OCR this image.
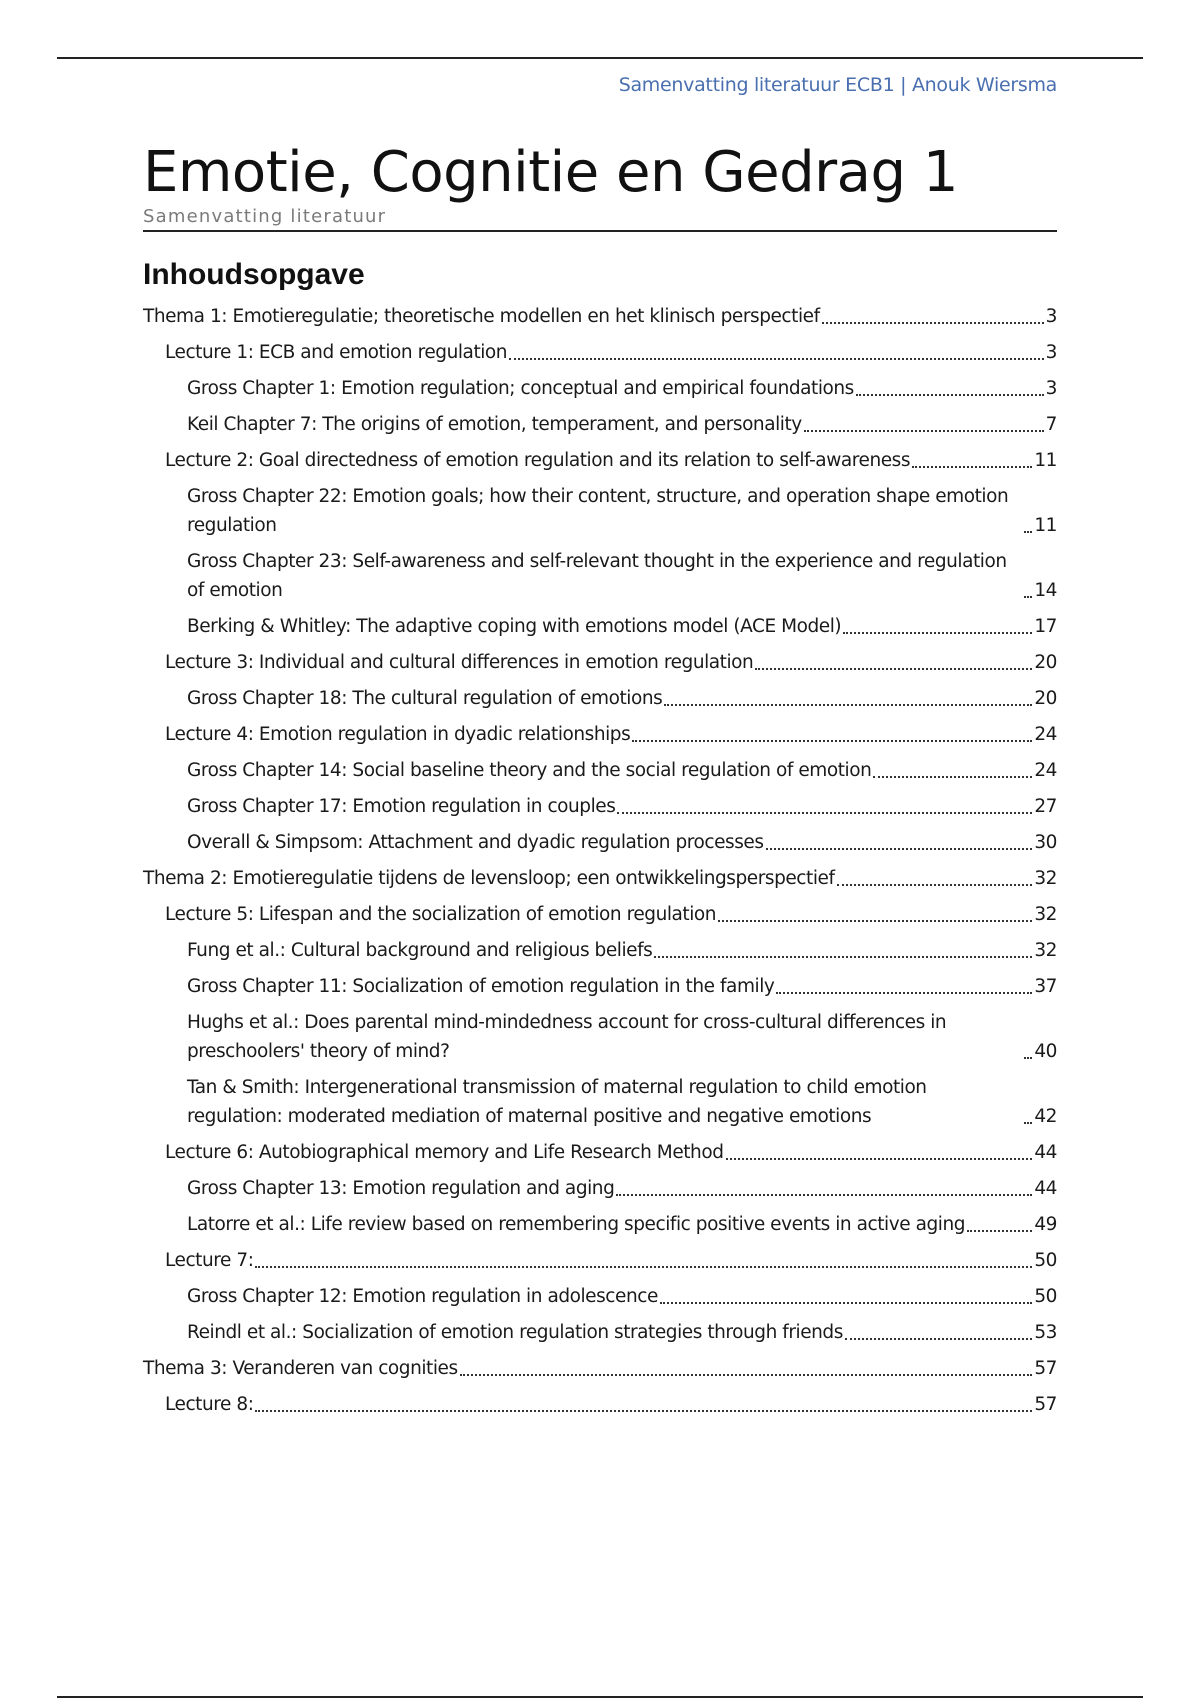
Samenvatting literatuur ECB1 | Anouk Wiersma
Emotie, Cognitie en Gedrag 1
Samenvatting literatuur
Inhoudsopgave
Thema 1: Emotieregulatie; theoretische modellen en het klinisch perspectief	3
Lecture 1: ECB and emotion regulation	3
Gross Chapter 1: Emotion regulation; conceptual and empirical foundations	3
Keil Chapter 7: The origins of emotion, temperament, and personality	7
Lecture 2: Goal directedness of emotion regulation and its relation to self-awareness	11
Gross Chapter 22: Emotion goals; how their content, structure, and operation shape emotion regulation	11
Gross Chapter 23: Self-awareness and self-relevant thought in the experience and regulation of emotion	14
Berking & Whitley: The adaptive coping with emotions model (ACE Model)	17
Lecture 3: Individual and cultural differences in emotion regulation	20
Gross Chapter 18: The cultural regulation of emotions	20
Lecture 4: Emotion regulation in dyadic relationships	24
Gross Chapter 14: Social baseline theory and the social regulation of emotion	24
Gross Chapter 17: Emotion regulation in couples	27
Overall & Simpsom: Attachment and dyadic regulation processes	30
Thema 2: Emotieregulatie tijdens de levensloop; een ontwikkelingsperspectief	32
Lecture 5: Lifespan and the socialization of emotion regulation	32
Fung et al.: Cultural background and religious beliefs	32
Gross Chapter 11: Socialization of emotion regulation in the family	37
Hughs et al.: Does parental mind-mindedness account for cross-cultural differences in preschoolers' theory of mind?	40
Tan & Smith: Intergenerational transmission of maternal regulation to child emotion regulation: moderated mediation of maternal positive and negative emotions	42
Lecture 6: Autobiographical memory and Life Research Method	44
Gross Chapter 13: Emotion regulation and aging	44
Latorre et al.: Life review based on remembering specific positive events in active aging	49
Lecture 7:	50
Gross Chapter 12: Emotion regulation in adolescence	50
Reindl et al.: Socialization of emotion regulation strategies through friends	53
Thema 3: Veranderen van cognities	57
Lecture 8:	57
